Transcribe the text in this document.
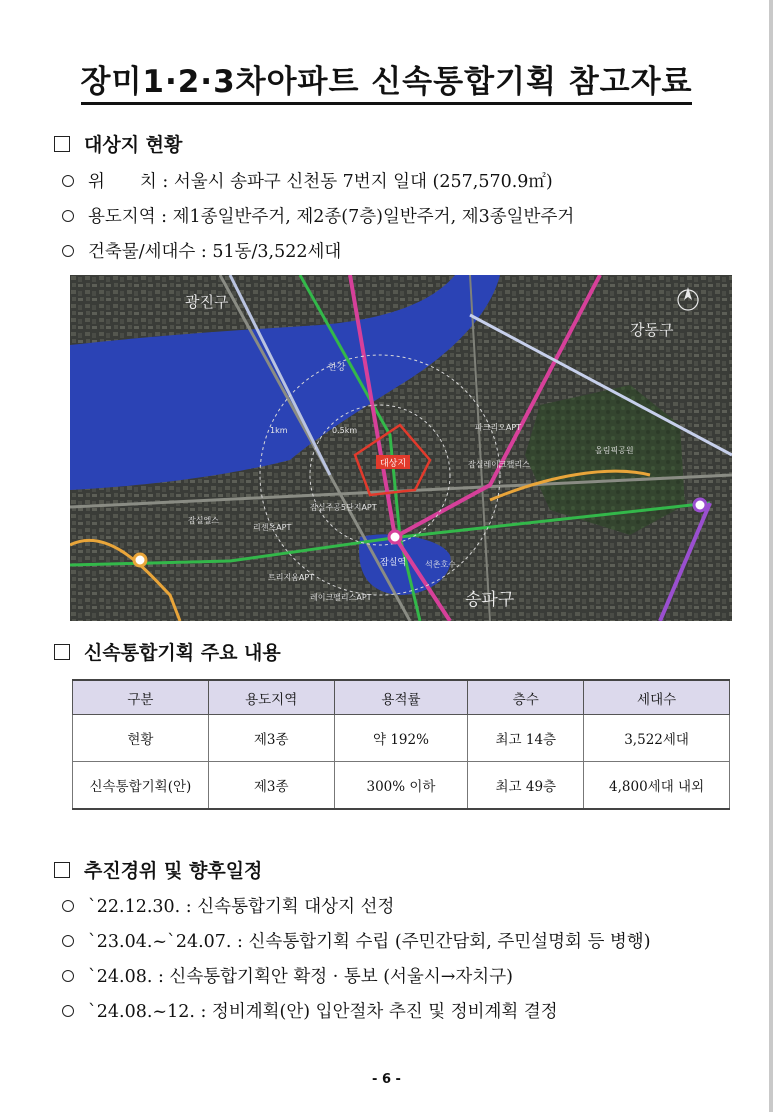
장미1·2·3차아파트 신속통합기획 참고자료
대상지 현황
위　　치 : 서울시 송파구 신천동 7번지 일대 (257,570.9㎡)
용도지역 : 제1종일반주거, 제2종(7층)일반주거, 제3종일반주거
건축물/세대수 : 51동/3,522세대
대상지
광진구
강동구
송파구
한강
잠실역
1km	0.5km
잠실엘스
리센츠APT
잠실주공5단지APT
파크리오APT
잠실레이크팰리스
트리지움APT
레이크팰리스APT
올림픽공원
석촌호수
신속통합기획 주요 내용
구분	용도지역	용적률	층수	세대수
현황	제3종	약 192%	최고 14층	3,522세대
신속통합기획(안)	제3종	300% 이하	최고 49층	4,800세대 내외
추진경위 및 향후일정
`22.12.30. : 신속통합기획 대상지 선정
`23.04.~`24.07. : 신속통합기획 수립 (주민간담회, 주민설명회 등 병행)
`24.08. : 신속통합기획안 확정 · 통보 (서울시→자치구)
`24.08.~12. : 정비계획(안) 입안절차 추진 및 정비계획 결정
- 6 -
